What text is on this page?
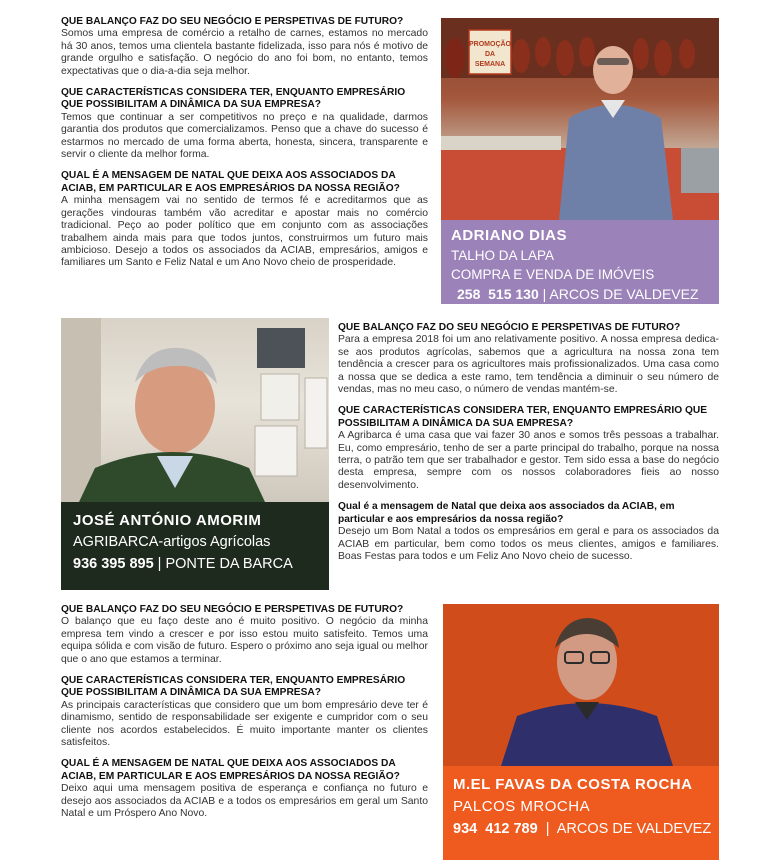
QUE BALANÇO FAZ DO SEU NEGÓCIO E PERSPETIVAS DE FUTURO?
Somos uma empresa de comércio a retalho de carnes, estamos no mercado há 30 anos, temos uma clientela bastante fidelizada, isso para nós é motivo de grande orgulho e satisfação. O negócio do ano foi bom, no entanto, temos expectativas que o dia-a-dia seja melhor.
QUE CARACTERÍSTICAS CONSIDERA TER, ENQUANTO EMPRESÁRIO QUE POSSIBILITAM A DINÂMICA DA SUA EMPRESA?
Temos que continuar a ser competitivos no preço e na qualidade, darmos garantia dos produtos que comercializamos. Penso que a chave do sucesso é estarmos no mercado de uma forma aberta, honesta, sincera, transparente e servir o cliente da melhor forma.
QUAL É A MENSAGEM DE NATAL QUE DEIXA AOS ASSOCIADOS DA ACIAB, EM PARTICULAR E AOS EMPRESÁRIOS DA NOSSA REGIÃO?
A minha mensagem vai no sentido de termos fé e acreditarmos que as gerações vindouras também vão acreditar e apostar mais no comércio tradicional. Peço ao poder político que em conjunto com as associações trabalhem ainda mais para que todos juntos, construirmos um futuro mais ambicioso. Desejo a todos os associados da ACIAB, empresários, amigos e familiares um Santo e Feliz Natal e um Ano Novo cheio de prosperidade.
PROMOÇÃO
DA
SEMANA
ADRIANO DIAS
TALHO DA LAPA
COMPRA E VENDA DE IMÓVEIS
258  515 130 | ARCOS DE VALDEVEZ
JOSÉ ANTÓNIO AMORIM
AGRIBARCA-artigos Agrícolas
936 395 895 | PONTE DA BARCA
QUE BALANÇO FAZ DO SEU NEGÓCIO E PERSPETIVAS DE FUTURO?
Para a empresa 2018 foi um ano relativamente positivo. A nossa empresa dedica-se aos produtos agrícolas, sabemos que a agricultura na nossa zona tem tendência a crescer para os agricultores mais profissionalizados. Uma casa como a nossa que se dedica a este ramo, tem tendência a diminuir o seu número de vendas, mas no meu caso, o número de vendas mantém-se.
QUE CARACTERÍSTICAS CONSIDERA TER, ENQUANTO EMPRESÁRIO QUE POSSIBILITAM A DINÂMICA DA SUA EMPRESA?
A Agribarca é uma casa que vai fazer 30 anos e somos três pessoas a trabalhar. Eu, como empresário, tenho de ser a parte principal do trabalho, porque na nossa terra, o patrão tem que ser trabalhador e gestor. Tem sido essa a base do negócio desta empresa, sempre com os nossos colaboradores fieis ao nosso desenvolvimento.
Qual é a mensagem de Natal que deixa aos associados da ACIAB, em particular e aos empresários da nossa região?
Desejo um Bom Natal a todos os empresários em geral e para os associados da ACIAB em particular, bem como todos os meus clientes, amigos e familiares. Boas Festas para todos e um Feliz Ano Novo cheio de sucesso.
QUE BALANÇO FAZ DO SEU NEGÓCIO E PERSPETIVAS DE FUTURO?
O balanço que eu faço deste ano é muito positivo. O negócio da minha empresa tem vindo a crescer e por isso estou muito satisfeito. Temos uma equipa sólida e com visão de futuro. Espero o próximo ano seja igual ou melhor que o ano que estamos a terminar.
QUE CARACTERÍSTICAS CONSIDERA TER, ENQUANTO EMPRESÁRIO QUE POSSIBILITAM A DINÂMICA DA SUA EMPRESA?
As principais características que considero que um bom empresário deve ter é dinamismo, sentido de responsabilidade ser exigente e cumpridor com o seu cliente nos acordos estabelecidos. É muito importante manter os clientes satisfeitos.
QUAL É A MENSAGEM DE NATAL QUE DEIXA AOS ASSOCIADOS DA ACIAB, EM PARTICULAR E AOS EMPRESÁRIOS DA NOSSA REGIÃO?
Deixo aqui uma mensagem positiva de esperança e confiança no futuro e desejo aos associados da ACIAB e a todos os empresários em geral um Santo Natal e um Próspero Ano Novo.
M.EL FAVAS DA COSTA ROCHA
PALCOS MROCHA
934  412 789  |  ARCOS DE VALDEVEZ
